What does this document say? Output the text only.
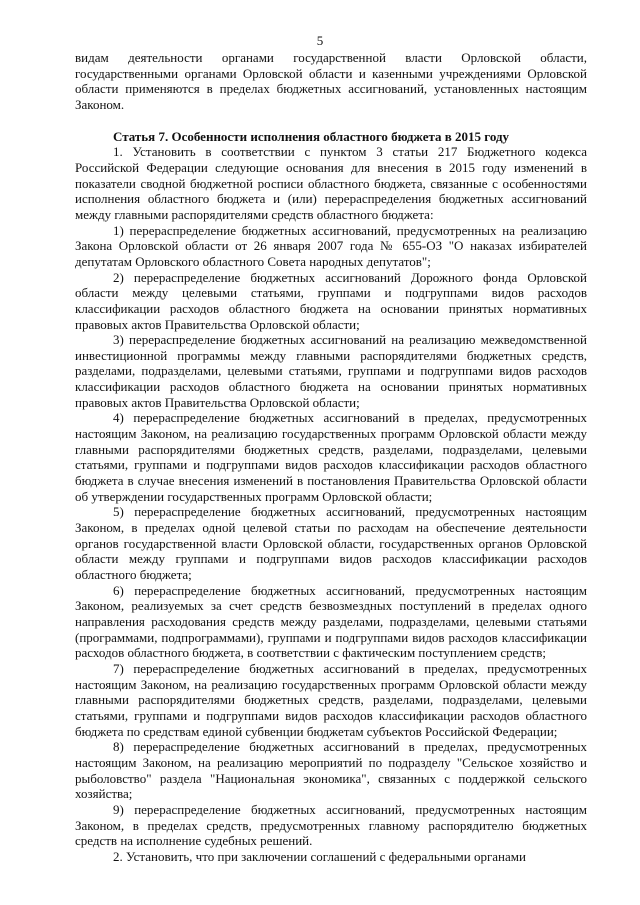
5

видам деятельности органами государственной власти Орловской области, государственными органами Орловской области и казенными учреждениями Орловской области применяются в пределах бюджетных ассигнований, установленных настоящим Законом.

Статья 7. Особенности исполнения областного бюджета в 2015 году

1. Установить в соответствии с пунктом 3 статьи 217 Бюджетного кодекса Российской Федерации следующие основания для внесения в 2015 году изменений в показатели сводной бюджетной росписи областного бюджета, связанные с особенностями исполнения областного бюджета и (или) перераспределения бюджетных ассигнований между главными распорядителями средств областного бюджета:

1) перераспределение бюджетных ассигнований, предусмотренных на реализацию Закона Орловской области от 26 января 2007 года № 655-ОЗ "О наказах избирателей депутатам Орловского областного Совета народных депутатов";

2) перераспределение бюджетных ассигнований Дорожного фонда Орловской области между целевыми статьями, группами и подгруппами видов расходов классификации расходов областного бюджета на основании принятых нормативных правовых актов Правительства Орловской области;

3) перераспределение бюджетных ассигнований на реализацию межведомственной инвестиционной программы между главными распорядителями бюджетных средств, разделами, подразделами, целевыми статьями, группами и подгруппами видов расходов классификации расходов областного бюджета на основании принятых нормативных правовых актов Правительства Орловской области;

4) перераспределение бюджетных ассигнований в пределах, предусмотренных настоящим Законом, на реализацию государственных программ Орловской области между главными распорядителями бюджетных средств, разделами, подразделами, целевыми статьями, группами и подгруппами видов расходов классификации расходов областного бюджета в случае внесения изменений в постановления Правительства Орловской области об утверждении государственных программ Орловской области;

5) перераспределение бюджетных ассигнований, предусмотренных настоящим Законом, в пределах одной целевой статьи по расходам на обеспечение деятельности органов государственной власти Орловской области, государственных органов Орловской области между группами и подгруппами видов расходов классификации расходов областного бюджета;

6) перераспределение бюджетных ассигнований, предусмотренных настоящим Законом, реализуемых за счет средств безвозмездных поступлений в пределах одного направления расходования средств между разделами, подразделами, целевыми статьями (программами, подпрограммами), группами и подгруппами видов расходов классификации расходов областного бюджета, в соответствии с фактическим поступлением средств;

7) перераспределение бюджетных ассигнований в пределах, предусмотренных настоящим Законом, на реализацию государственных программ Орловской области между главными распорядителями бюджетных средств, разделами, подразделами, целевыми статьями, группами и подгруппами видов расходов классификации расходов областного бюджета по средствам единой субвенции бюджетам субъектов Российской Федерации;

8) перераспределение бюджетных ассигнований в пределах, предусмотренных настоящим Законом, на реализацию мероприятий по подразделу "Сельское хозяйство и рыболовство" раздела "Национальная экономика", связанных с поддержкой сельского хозяйства;

9) перераспределение бюджетных ассигнований, предусмотренных настоящим Законом, в пределах средств, предусмотренных главному распорядителю бюджетных средств на исполнение судебных решений.

2. Установить, что при заключении соглашений с федеральными органами
